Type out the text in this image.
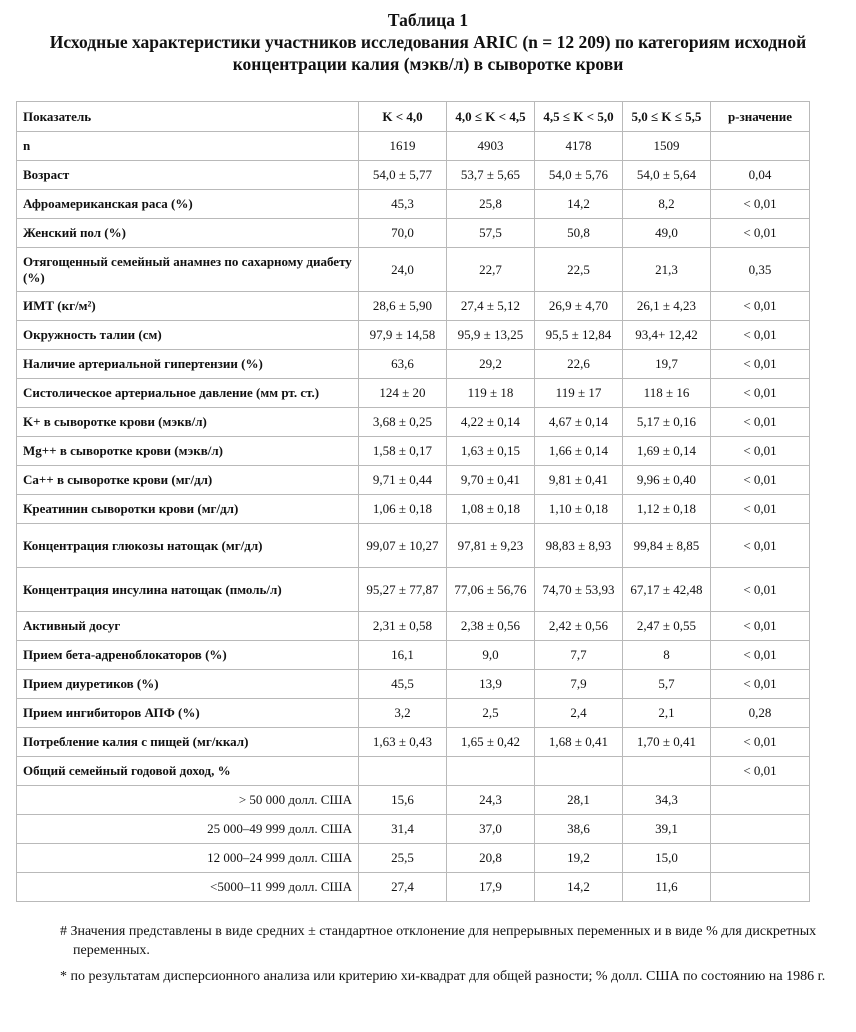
Таблица 1
Исходные характеристики участников исследования ARIC (n = 12 209) по категориям исходной концентрации калия (мэкв/л) в сыворотке крови
Показатель	K < 4,0	4,0 ≤ K < 4,5	4,5 ≤ K < 5,0	5,0 ≤ K ≤ 5,5	p-значение
n	1619	4903	4178	1509	
Возраст	54,0 ± 5,77	53,7 ± 5,65	54,0 ± 5,76	54,0 ± 5,64	0,04
Афроамериканская раса (%)	45,3	25,8	14,2	8,2	< 0,01
Женский пол (%)	70,0	57,5	50,8	49,0	< 0,01
Отягощенный семейный анамнез по сахарному диабету (%)	24,0	22,7	22,5	21,3	0,35
ИМТ (кг/м²)	28,6 ± 5,90	27,4 ± 5,12	26,9 ± 4,70	26,1 ± 4,23	< 0,01
Окружность талии (см)	97,9 ± 14,58	95,9 ± 13,25	95,5 ± 12,84	93,4+ 12,42	< 0,01
Наличие артериальной гипертензии (%)	63,6	29,2	22,6	19,7	< 0,01
Систолическое артериальное давление (мм рт. ст.)	124 ± 20	119 ± 18	119 ± 17	118 ± 16	< 0,01
K+ в сыворотке крови (мэкв/л)	3,68 ± 0,25	4,22 ± 0,14	4,67 ± 0,14	5,17 ± 0,16	< 0,01
Mg++ в сыворотке крови (мэкв/л)	1,58 ± 0,17	1,63 ± 0,15	1,66 ± 0,14	1,69 ± 0,14	< 0,01
Ca++ в сыворотке крови (мг/дл)	9,71 ± 0,44	9,70 ± 0,41	9,81 ± 0,41	9,96 ± 0,40	< 0,01
Креатинин сыворотки крови (мг/дл)	1,06 ± 0,18	1,08 ± 0,18	1,10 ± 0,18	1,12 ± 0,18	< 0,01
Концентрация глюкозы натощак (мг/дл)	99,07 ± 10,27	97,81 ± 9,23	98,83 ± 8,93	99,84 ± 8,85	< 0,01
Концентрация инсулина натощак (пмоль/л)	95,27 ± 77,87	77,06 ± 56,76	74,70 ± 53,93	67,17 ± 42,48	< 0,01
Активный досуг	2,31 ± 0,58	2,38 ± 0,56	2,42 ± 0,56	2,47 ± 0,55	< 0,01
Прием бета-адреноблокаторов (%)	16,1	9,0	7,7	8	< 0,01
Прием диуретиков (%)	45,5	13,9	7,9	5,7	< 0,01
Прием ингибиторов АПФ (%)	3,2	2,5	2,4	2,1	0,28
Потребление калия с пищей (мг/ккал)	1,63 ± 0,43	1,65 ± 0,42	1,68 ± 0,41	1,70 ± 0,41	< 0,01
Общий семейный годовой доход, %					< 0,01
> 50 000 долл. США	15,6	24,3	28,1	34,3	
25 000–49 999 долл. США	31,4	37,0	38,6	39,1	
12 000–24 999 долл. США	25,5	20,8	19,2	15,0	
<5000–11 999 долл. США	27,4	17,9	14,2	11,6	
# Значения представлены в виде средних ± стандартное отклонение для непрерывных переменных и в виде % для дискретных переменных.
* по результатам дисперсионного анализа или критерию хи-квадрат для общей разности; % долл. США по состоянию на 1986 г.
